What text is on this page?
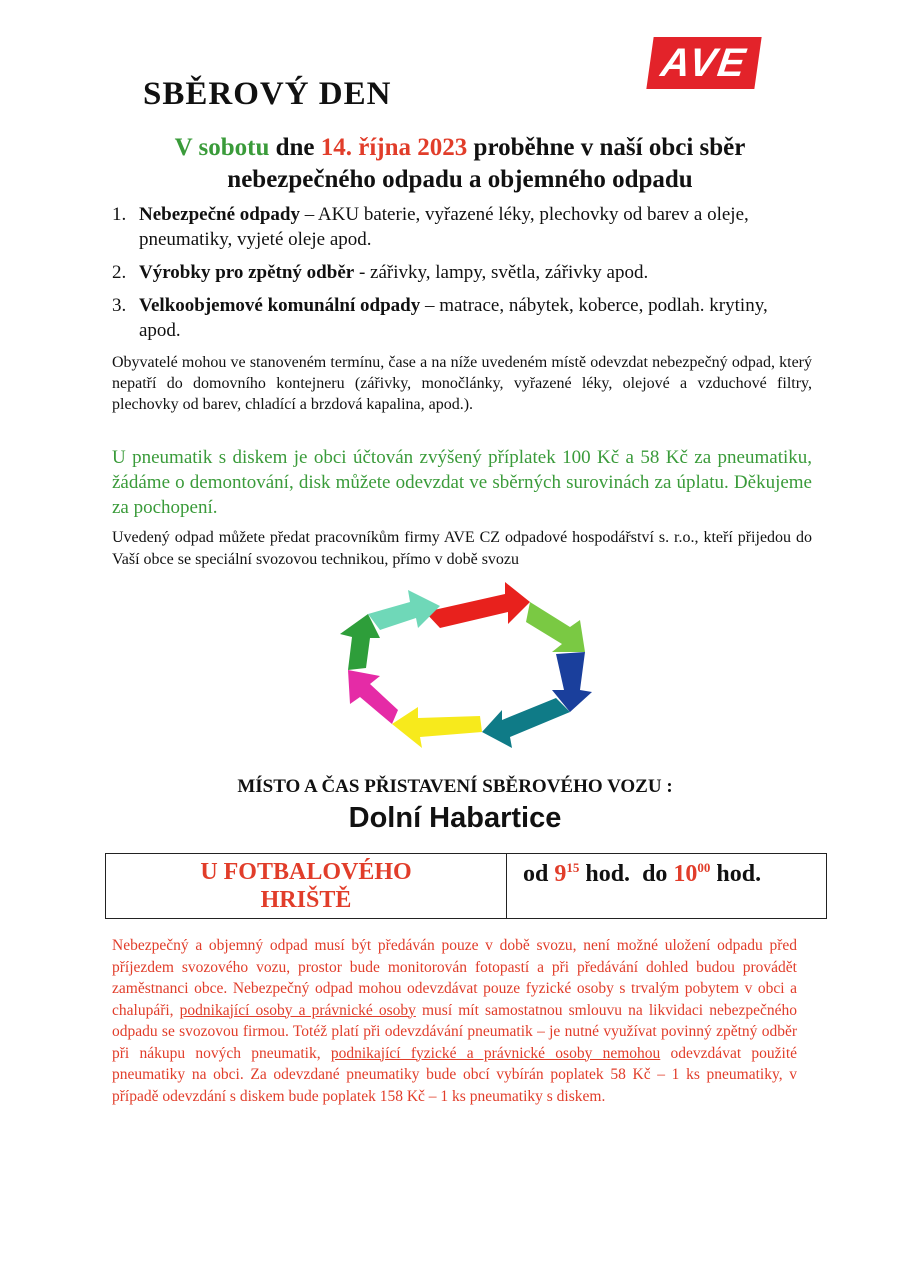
AVE
SBĚROVÝ DEN
V sobotu dne 14. října 2023 proběhne v naší obci sběr nebezpečného odpadu a objemného odpadu
1. Nebezpečné odpady – AKU baterie, vyřazené léky, plechovky od barev a oleje, pneumatiky, vyjeté oleje apod.
2. Výrobky pro zpětný odběr - zářivky, lampy, světla, zářivky apod.
3. Velkoobjemové komunální odpady – matrace, nábytek, koberce, podlah. krytiny, apod.
Obyvatelé mohou ve stanoveném termínu, čase a na níže uvedeném místě odevzdat nebezpečný odpad, který nepatří do domovního kontejneru (zářivky, monočlánky, vyřazené léky, olejové a vzduchové filtry, plechovky od barev, chladící a brzdová kapalina, apod.).
U pneumatik s diskem je obci účtován zvýšený příplatek 100 Kč a 58 Kč za pneumatiku, žádáme o demontování, disk můžete odevzdat ve sběrných surovinách za úplatu. Děkujeme za pochopení.
Uvedený odpad můžete předat pracovníkům firmy AVE CZ odpadové hospodářství s. r.o., kteří přijedou do Vaší obce se speciální svozovou technikou, přímo v době svozu
MÍSTO A ČAS PŘISTAVENÍ SBĚROVÉHO VOZU :
Dolní Habartice
U FOTBALOVÉHO
HRIŠTĚ
od $9^{15}$ hod. do $10^{00}$ hod.
Nebezpečný a objemný odpad musí být předáván pouze v době svozu, není možné uložení odpadu před příjezdem svozového vozu, prostor bude monitorován fotopastí a při předávání dohled budou provádět zaměstnanci obce. Nebezpečný odpad mohou odevzdávat pouze fyzické osoby s trvalým pobytem v obci a chalupáři, podnikající osoby a právnické osoby musí mít samostatnou smlouvu na likvidaci nebezpečného odpadu se svozovou firmou. Totéž platí při odevzdávání pneumatik – je nutné využívat povinný zpětný odběr při nákupu nových pneumatik, podnikající fyzické a právnické osoby nemohou odevzdávat použité pneumatiky na obci. Za odevzdané pneumatiky bude obcí vybírán poplatek 58 Kč – 1 ks pneumatiky, v případě odevzdání s diskem bude poplatek 158 Kč – 1 ks pneumatiky s diskem.
